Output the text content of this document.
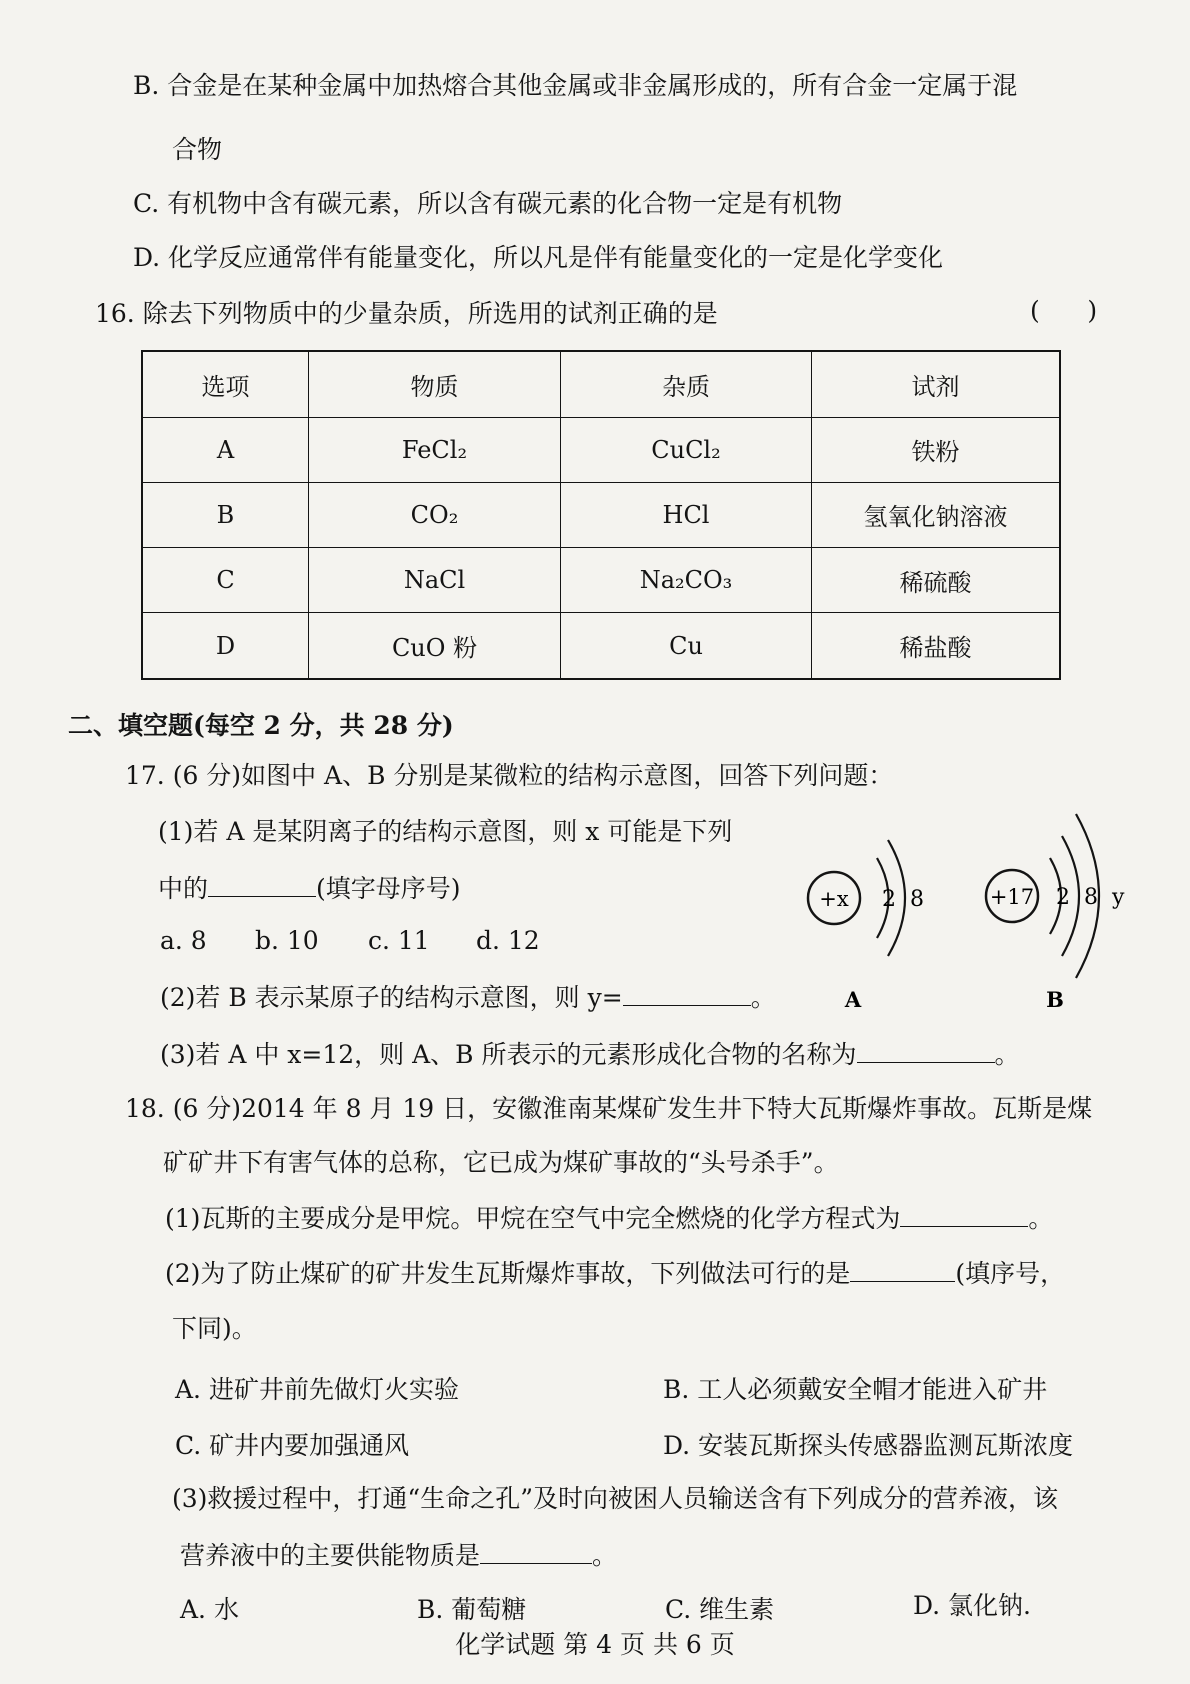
B. 合金是在某种金属中加热熔合其他金属或非金属形成的，所有合金一定属于混
合物
C. 有机物中含有碳元素，所以含有碳元素的化合物一定是有机物
D. 化学反应通常伴有能量变化，所以凡是伴有能量变化的一定是化学变化
16. 除去下列物质中的少量杂质，所选用的试剂正确的是	(      )
选项	物质	杂质	试剂
A	FeCl₂	CuCl₂	铁粉
B	CO₂	HCl	氢氧化钠溶液
C	NaCl	Na₂CO₃	稀硫酸
D	CuO 粉	Cu	稀盐酸
二、填空题(每空 2 分，共 28 分)
17. (6 分)如图中 A、B 分别是某微粒的结构示意图，回答下列问题：
(1)若 A 是某阴离子的结构示意图，则 x 可能是下列
中的	(填字母序号)
a. 8 b. 10 c. 11 d. 12
(2)若 B 表示某原子的结构示意图，则 y=	。
(3)若 A 中 x=12，则 A、B 所表示的元素形成化合物的名称为	。
+x 2  8
A
+17 2  8  y
B
18. (6 分)2014 年 8 月 19 日，安徽淮南某煤矿发生井下特大瓦斯爆炸事故。瓦斯是煤
矿矿井下有害气体的总称，它已成为煤矿事故的“头号杀手”。
(1)瓦斯的主要成分是甲烷。甲烷在空气中完全燃烧的化学方程式为	。
(2)为了防止煤矿的矿井发生瓦斯爆炸事故，下列做法可行的是	(填序号，
下同)。
A. 进矿井前先做灯火实验	B. 工人必须戴安全帽才能进入矿井
C. 矿井内要加强通风	D. 安装瓦斯探头传感器监测瓦斯浓度
(3)救援过程中，打通“生命之孔”及时向被困人员输送含有下列成分的营养液，该
营养液中的主要供能物质是	。
A. 水	B. 葡萄糖	C. 维生素	D. 氯化钠.
化学试题 第 4 页 共 6 页
